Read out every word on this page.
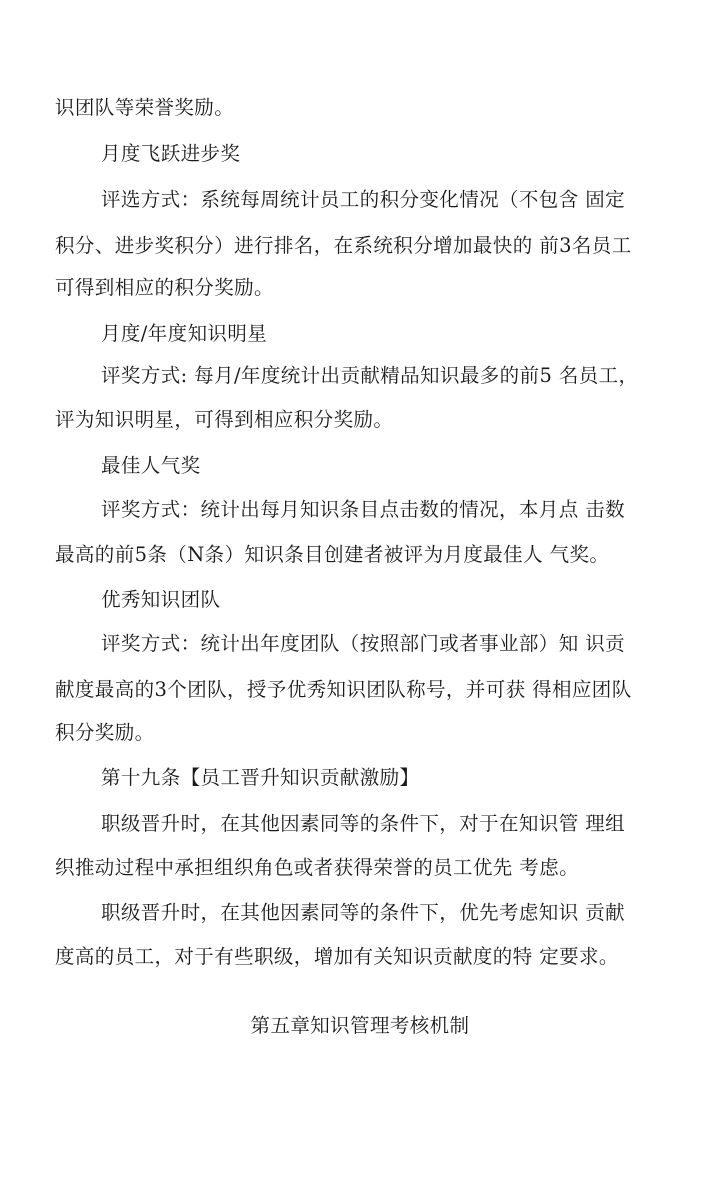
识团队等荣誉奖励。
月度飞跃进步奖
评选方式：系统每周统计员工的积分变化情况（不包含 固定
积分、进步奖积分）进行排名，在系统积分增加最快的 前3名员工
可得到相应的积分奖励。
月度/年度知识明星
评奖方式: 每月/年度统计出贡献精品知识最多的前5 名员工，
评为知识明星，可得到相应积分奖励。
最佳人气奖
评奖方式：统计出每月知识条目点击数的情况，本月点 击数
最高的前5条（N条）知识条目创建者被评为月度最佳人 气奖。
优秀知识团队
评奖方式：统计出年度团队（按照部门或者事业部）知 识贡
献度最高的3个团队，授予优秀知识团队称号，并可获 得相应团队
积分奖励。
第十九条【员工晋升知识贡献激励】
职级晋升时，在其他因素同等的条件下，对于在知识管 理组
织推动过程中承担组织角色或者获得荣誉的员工优先 考虑。
职级晋升时，在其他因素同等的条件下，优先考虑知识 贡献
度高的员工，对于有些职级，增加有关知识贡献度的特 定要求。
第五章知识管理考核机制
